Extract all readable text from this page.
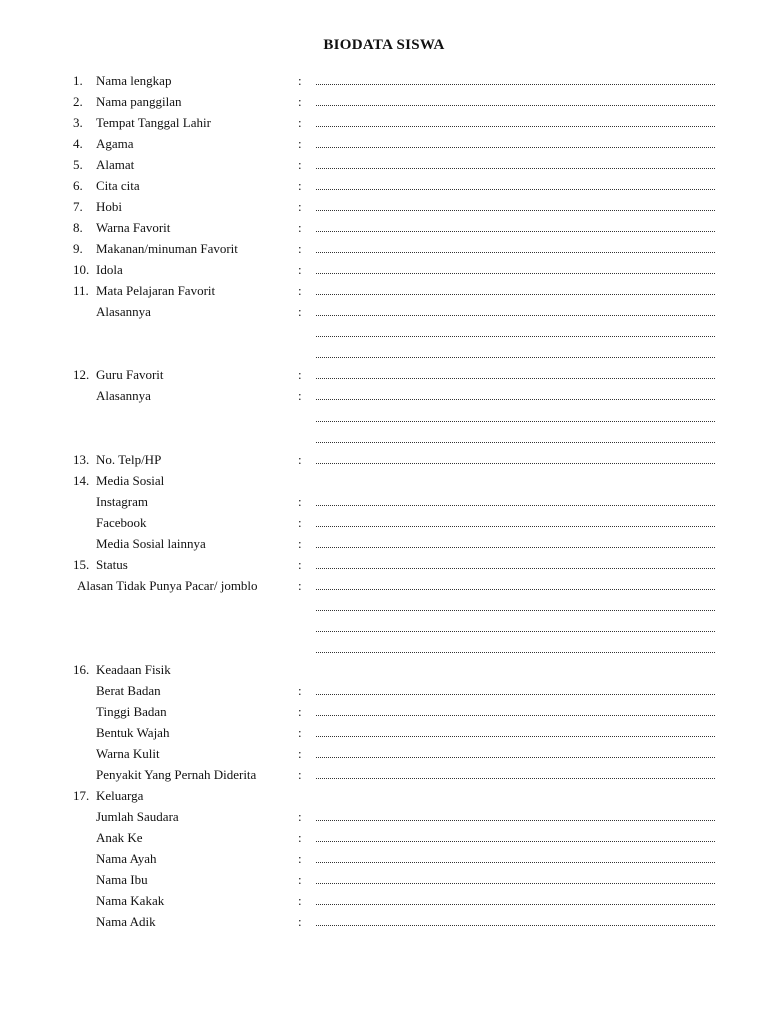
BIODATA SISWA
1. Nama lengkap	:
2. Nama panggilan	:
3. Tempat Tanggal Lahir	:
4. Agama	:
5. Alamat	:
6. Cita cita	:
7. Hobi	:
8. Warna Favorit	:
9. Makanan/minuman Favorit	:
10. Idola	:
11. Mata Pelajaran Favorit	:
Alasannya	:
12. Guru Favorit	:
Alasannya	:
13. No. Telp/HP	:
14. Media Sosial
Instagram	:
Facebook	:
Media Sosial lainnya	:
15. Status	:
Alasan Tidak Punya Pacar/ jomblo	:
16. Keadaan Fisik
Berat Badan	:
Tinggi Badan	:
Bentuk Wajah	:
Warna Kulit	:
Penyakit Yang Pernah Diderita	:
17. Keluarga
Jumlah Saudara	:
Anak Ke	:
Nama Ayah	:
Nama Ibu	:
Nama Kakak	:
Nama Adik	:
